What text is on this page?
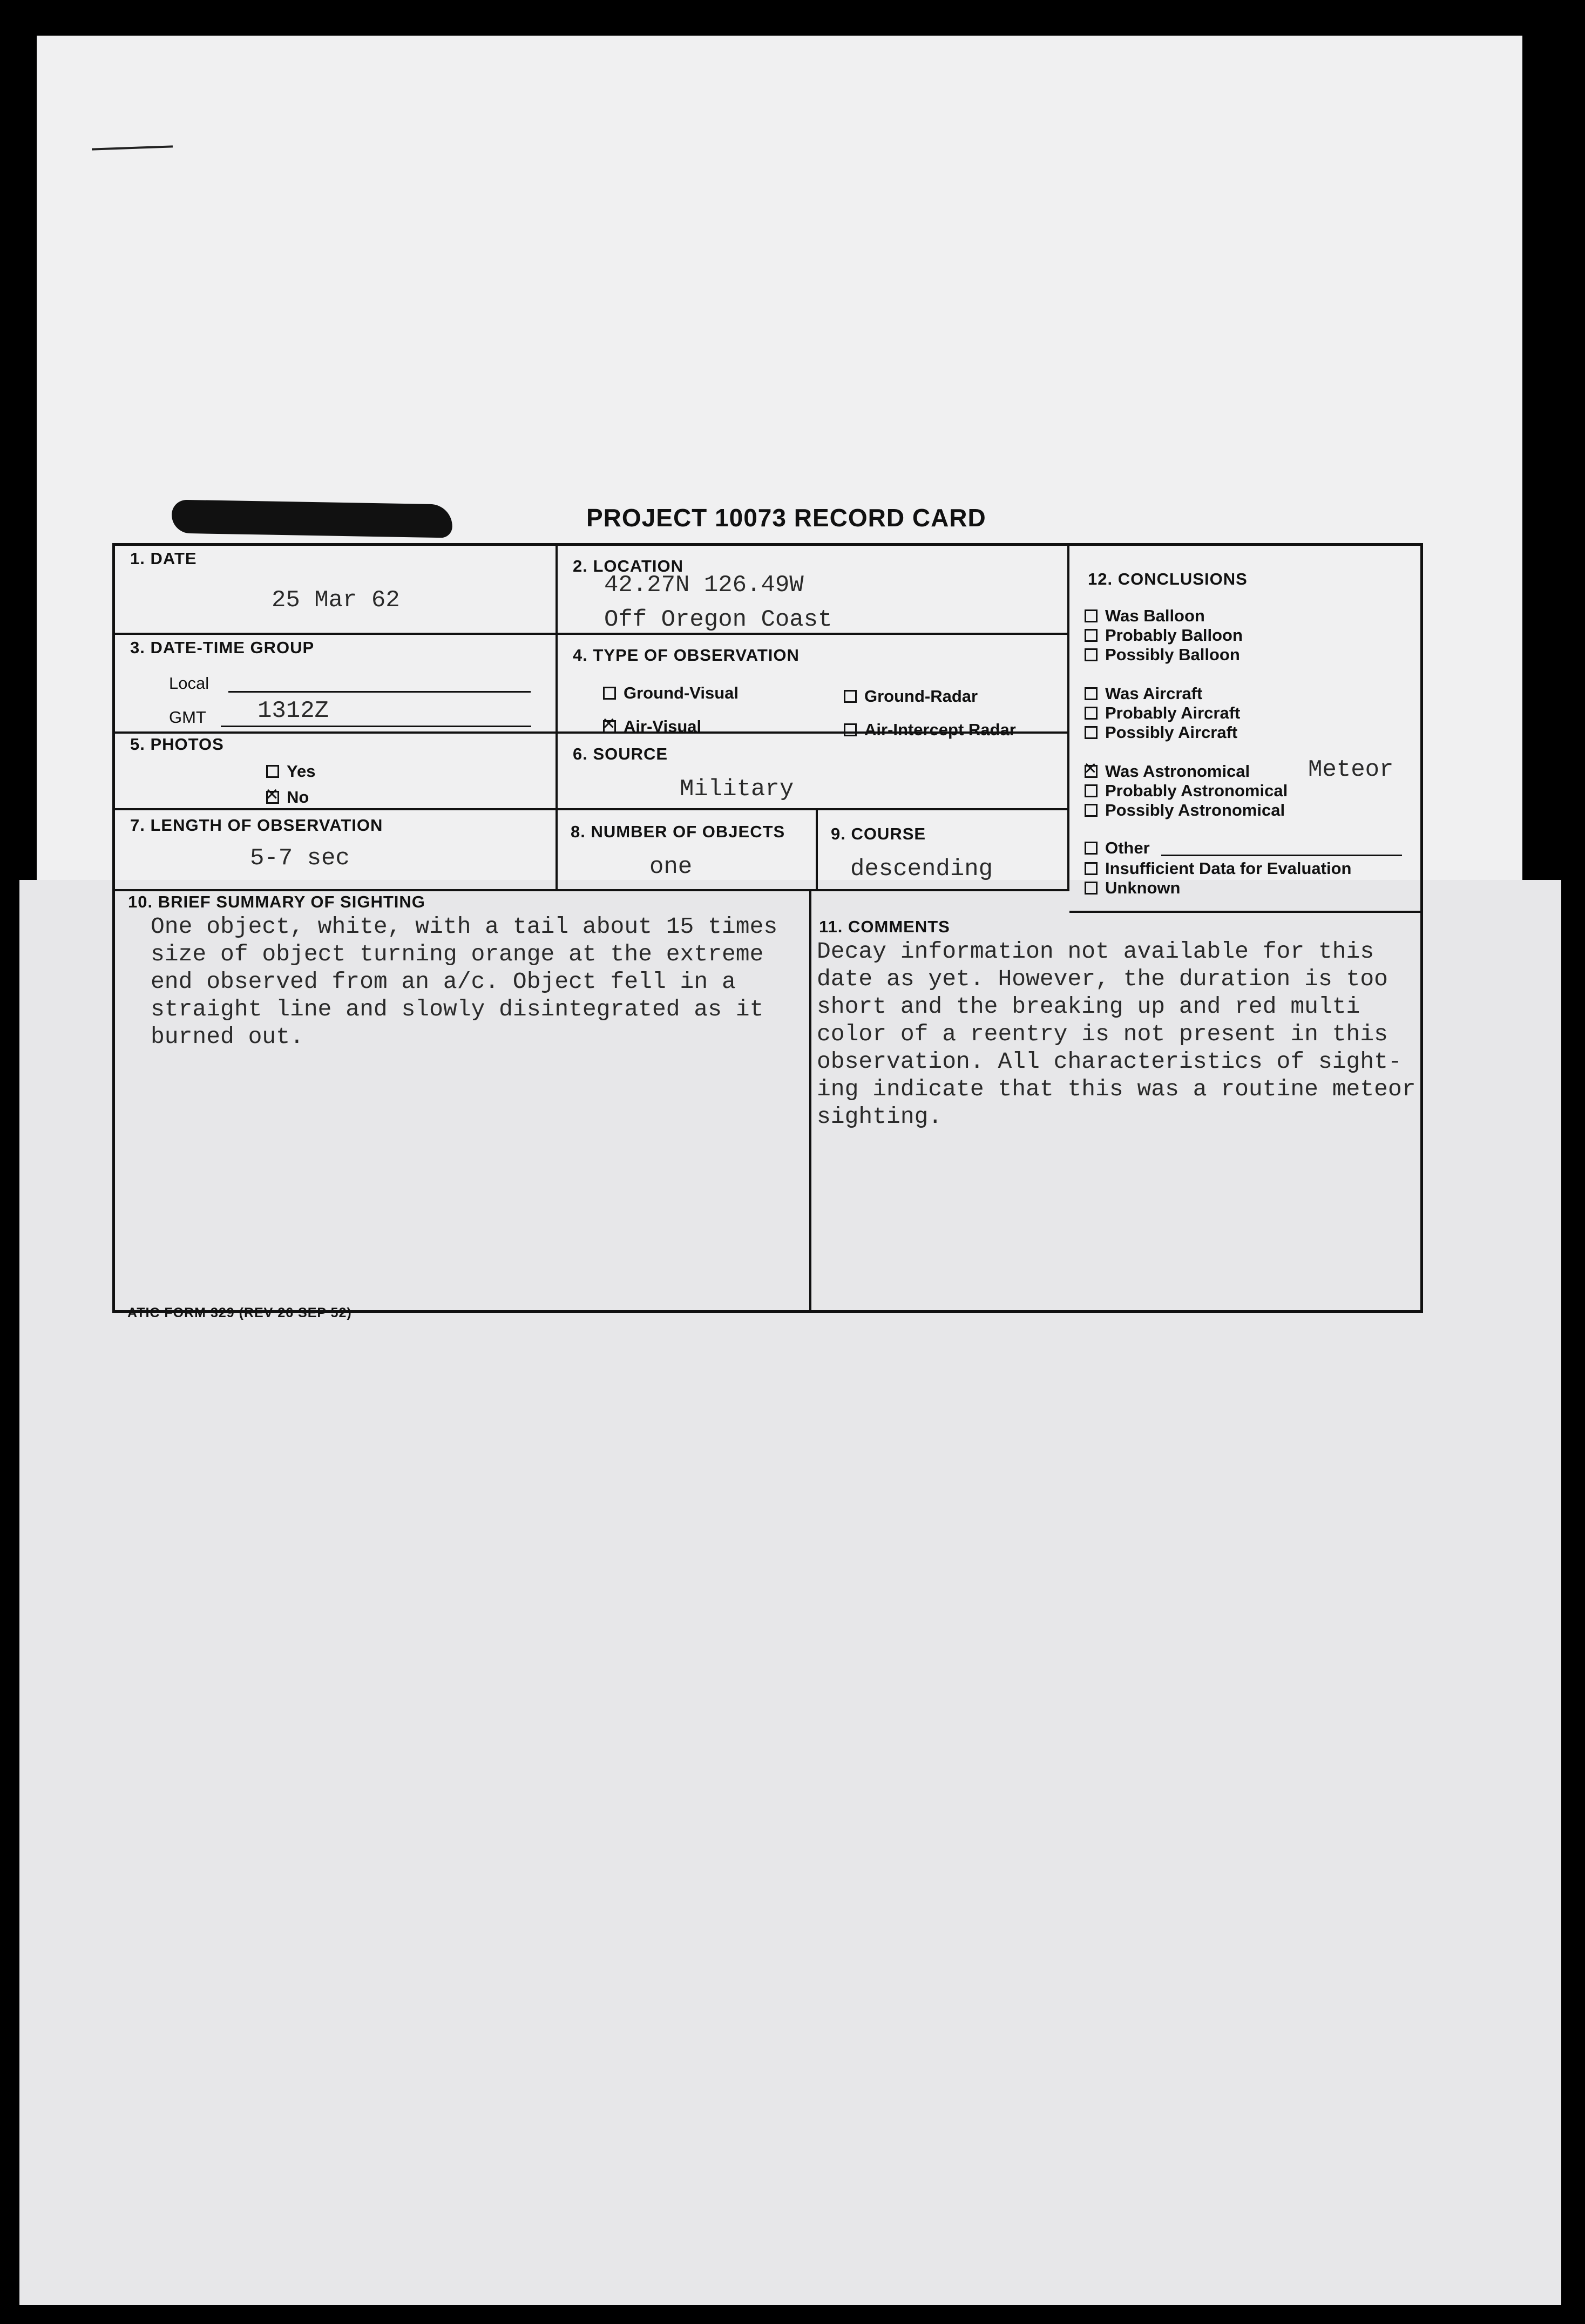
PROJECT 10073 RECORD CARD
1. DATE
25 Mar 62
2. LOCATION
42.27N 126.49W
Off Oregon Coast
3. DATE-TIME GROUP
Local
GMT 1312Z
4. TYPE OF OBSERVATION
Ground-Visual	Ground-Radar
×Air-Visual	Air-Intercept Radar
5. PHOTOS
Yes
×No
6. SOURCE
Military
7. LENGTH OF OBSERVATION
5-7 sec
8. NUMBER OF OBJECTS
one
9. COURSE
descending
12. CONCLUSIONS
Was Balloon
Probably Balloon
Possibly Balloon
Was Aircraft
Probably Aircraft
Possibly Aircraft
×Was Astronomical Meteor
Probably Astronomical
Possibly Astronomical
Other
Insufficient Data for Evaluation
Unknown
10. BRIEF SUMMARY OF SIGHTING
One object, white, with a tail about 15 times
size of object turning orange at the extreme
end observed from an a/c. Object fell in a
straight line and slowly disintegrated as it
burned out.
11. COMMENTS
Decay information not available for this
date as yet. However, the duration is too
short and the breaking up and red multi
color of a reentry is not present in this
observation. All characteristics of sight-
ing indicate that this was a routine meteor
sighting.
ATIC FORM 329 (REV 26 SEP 52)
